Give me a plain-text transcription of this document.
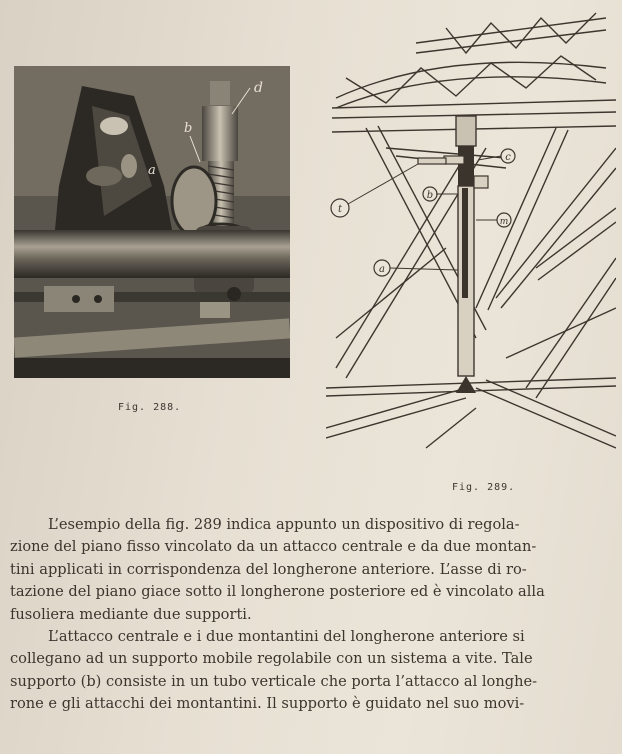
d
b
a
t
b
c
m
a
Fig. 288.
Fig. 289.

L’esempio della fig. 289 indica appunto un dispositivo di regola-
zione del piano fisso vincolato da un attacco centrale e da due montan-
tini applicati in corrispondenza del longherone anteriore. L’asse di ro-
tazione del piano giace sotto il longherone posteriore ed è vincolato alla
fusoliera mediante due supporti.

L’attacco centrale e i due montantini del longherone anteriore si
collegano ad un supporto mobile regolabile con un sistema a vite. Tale
supporto (b) consiste in un tubo verticale che porta l’attacco al longhe-
rone e gli attacchi dei montantini. Il supporto è guidato nel suo movi-
